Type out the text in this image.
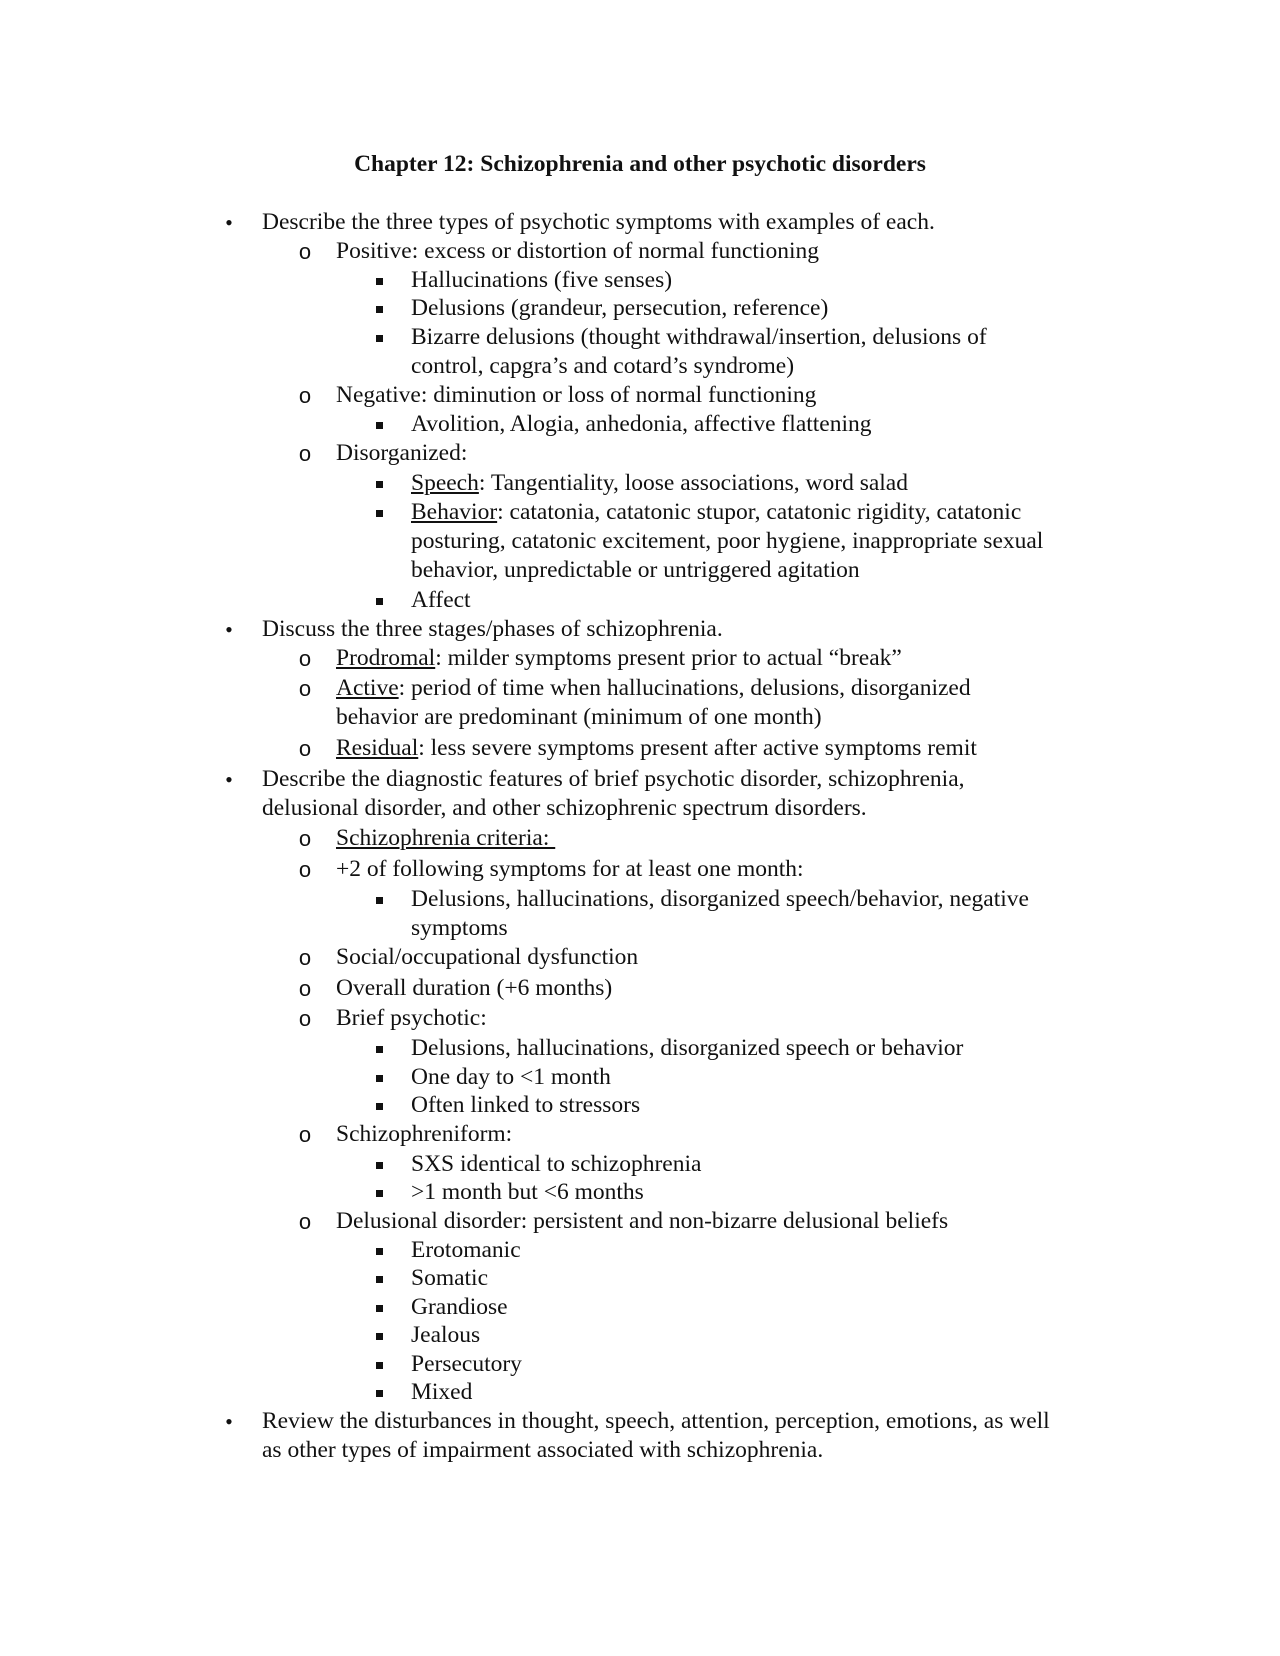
Chapter 12: Schizophrenia and other psychotic disorders
• Describe the three types of psychotic symptoms with examples of each.
o Positive: excess or distortion of normal functioning
Hallucinations (five senses)
Delusions (grandeur, persecution, reference)
Bizarre delusions (thought withdrawal/insertion, delusions of control, capgra’s and cotard’s syndrome)
o Negative: diminution or loss of normal functioning
Avolition, Alogia, anhedonia, affective flattening
o Disorganized:
Speech: Tangentiality, loose associations, word salad
Behavior: catatonia, catatonic stupor, catatonic rigidity, catatonic posturing, catatonic excitement, poor hygiene, inappropriate sexual behavior, unpredictable or untriggered agitation
Affect
• Discuss the three stages/phases of schizophrenia.
o Prodromal: milder symptoms present prior to actual “break”
o Active: period of time when hallucinations, delusions, disorganized behavior are predominant (minimum of one month)
o Residual: less severe symptoms present after active symptoms remit
• Describe the diagnostic features of brief psychotic disorder, schizophrenia, delusional disorder, and other schizophrenic spectrum disorders.
o Schizophrenia criteria:
o +2 of following symptoms for at least one month:
Delusions, hallucinations, disorganized speech/behavior, negative symptoms
o Social/occupational dysfunction
o Overall duration (+6 months)
o Brief psychotic:
Delusions, hallucinations, disorganized speech or behavior
One day to <1 month
Often linked to stressors
o Schizophreniform:
SXS identical to schizophrenia
>1 month but <6 months
o Delusional disorder: persistent and non-bizarre delusional beliefs
Erotomanic
Somatic
Grandiose
Jealous
Persecutory
Mixed
• Review the disturbances in thought, speech, attention, perception, emotions, as well as other types of impairment associated with schizophrenia.
